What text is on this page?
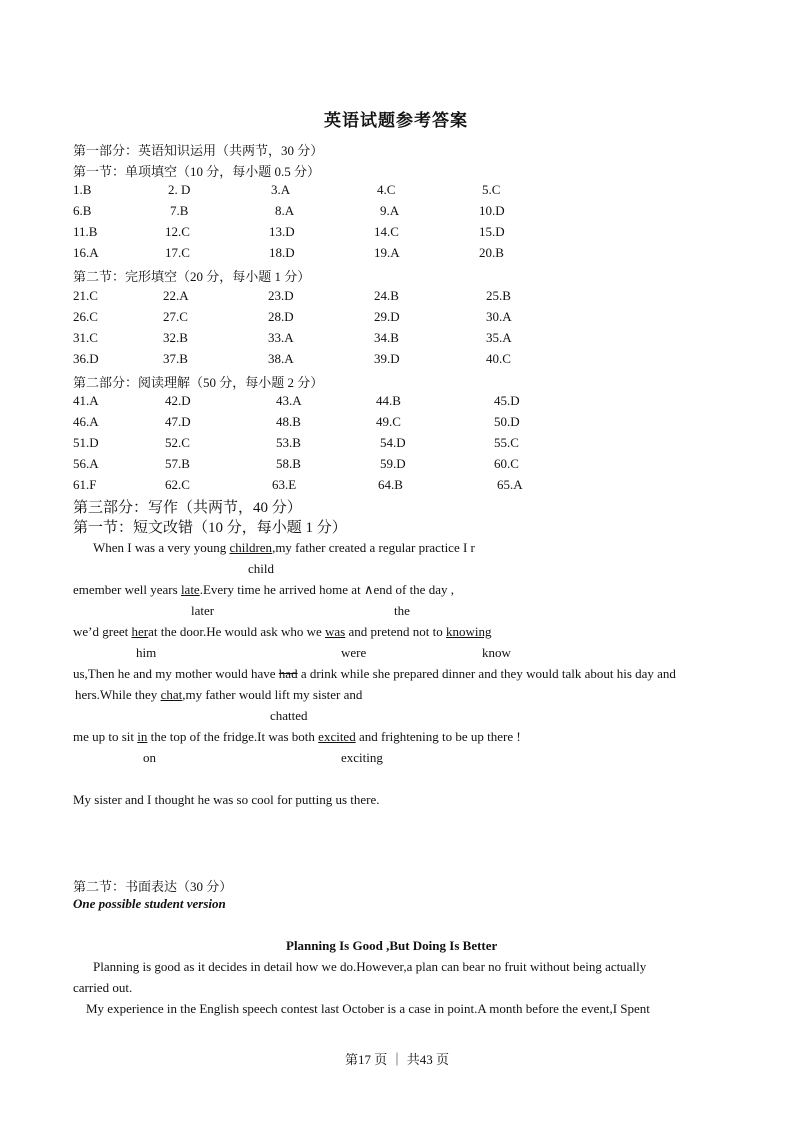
英语试题参考答案
第一部分：英语知识运用（共两节，30 分）
第一节：单项填空（10 分，每小题 0.5 分）
1.B	2. D	3.A	4.C	5.C
6.B	7.B	8.A	9.A	10.D
11.B	12.C	13.D	14.C	15.D
16.A	17.C	18.D	19.A	20.B
第二节：完形填空（20 分，每小题 1 分）
21.C	22.A	23.D	24.B	25.B
26.C	27.C	28.D	29.D	30.A
31.C	32.B	33.A	34.B	35.A
36.D	37.B	38.A	39.D	40.C
第二部分：阅读理解（50 分，每小题 2 分）
41.A	42.D	43.A	44.B	45.D
46.A	47.D	48.B	49.C	50.D
51.D	52.C	53.B	54.D	55.C
56.A	57.B	58.B	59.D	60.C
61.F	62.C	63.E	64.B	65.A
第三部分：写作（共两节，40 分）
第一节：短文改错（10 分，每小题 1 分）
When I was a very young children,my father created a regular practice I r
child
emember well years late.Every time he arrived home at ∧end of the day ,
later	the
we’d greet herat the door.He would ask who we was and pretend not to knowing
him	were	know
us,Then he and my mother would have had a drink while she prepared dinner and they would talk about his day and
hers.While they chat,my father would lift my sister and
chatted
me up to sit in the top of the fridge.It was both excited and frightening to be up there !
on	exciting
My sister and I thought he was so cool for putting us there.
第二节：书面表达（30 分）
One possible student version
Planning Is Good ,But Doing Is Better
Planning is good as it decides in detail how we do.However,a plan can bear no fruit without being actually
carried out.
My experience in the English speech contest last October is a case in point.A month before the event,I Spent
第17 页 ｜ 共43 页
